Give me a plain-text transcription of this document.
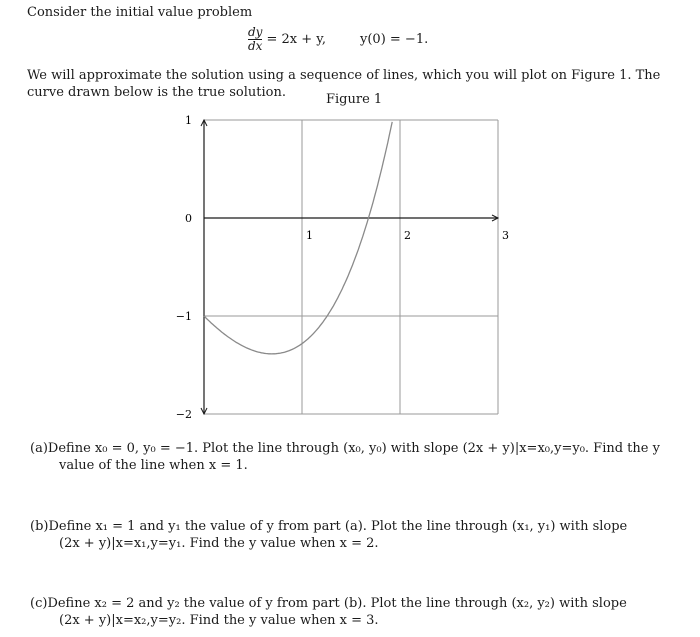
Consider the initial value problem
$\frac{dy}{dx} = 2x + y$,	y(0) = −1.
We will approximate the solution using a sequence of lines, which you will plot on Figure 1. The curve drawn below is the true solution.	Figure 1
1
0
−1
−2
1	2	3
(a)Define x₀ = 0, y₀ = −1. Plot the line through (x₀, y₀) with slope (2x + y)|x=x₀,y=y₀. Find the y
value of the line when x = 1.
(b)Define x₁ = 1 and y₁ the value of y from part (a). Plot the line through (x₁, y₁) with slope
(2x + y)|x=x₁,y=y₁. Find the y value when x = 2.
(c)Define x₂ = 2 and y₂ the value of y from part (b). Plot the line through (x₂, y₂) with slope
(2x + y)|x=x₂,y=y₂. Find the y value when x = 3.
